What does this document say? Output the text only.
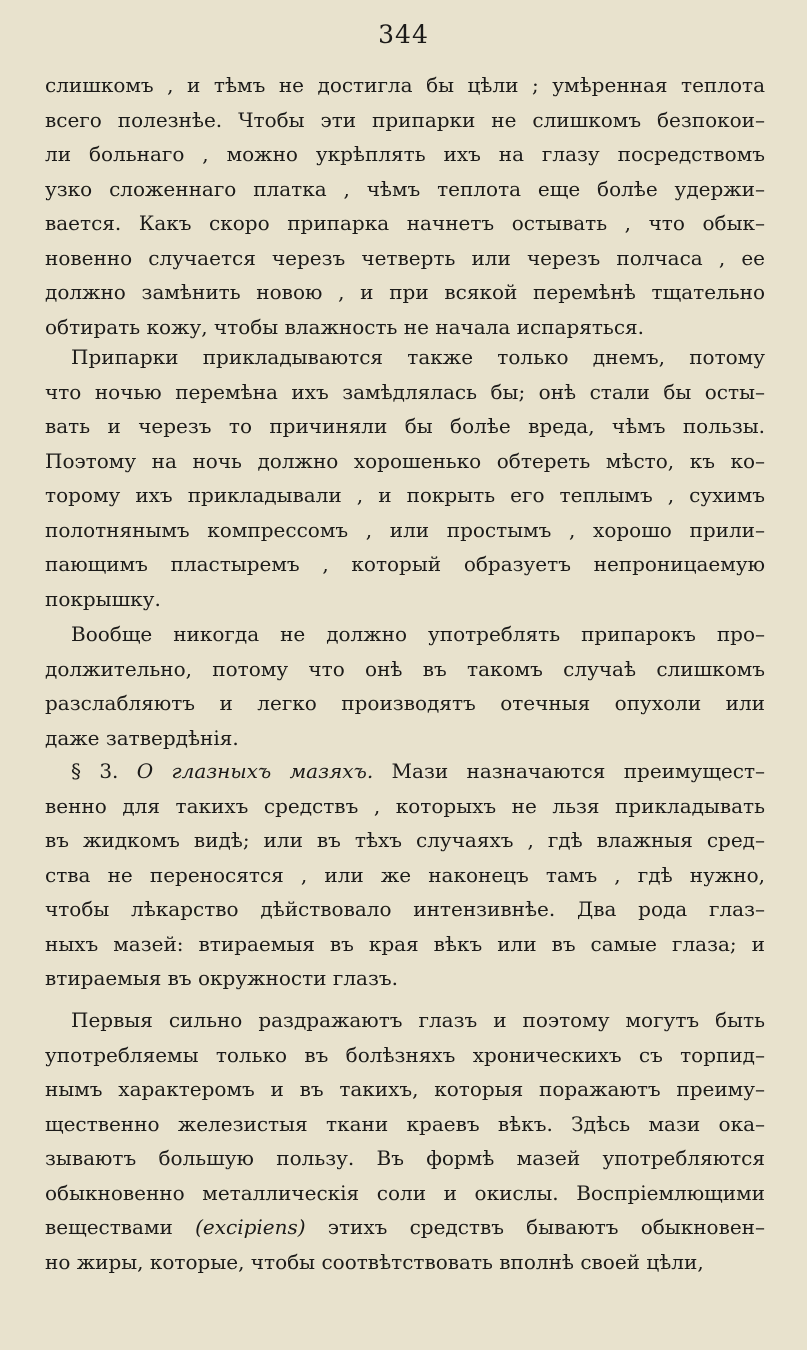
344
слишкомъ , и тѣмъ не достигла бы цѣли ; умѣренная теплота
всего полезнѣе. Чтобы эти припарки не слишкомъ безпокои–
ли больнаго , можно укрѣплять ихъ на глазу посредствомъ
узко сложеннаго платка , чѣмъ теплота еще болѣе удержи–
вается. Какъ скоро припарка начнетъ остывать , что обык–
новенно случается черезъ четверть или черезъ полчаса , ее
должно замѣнить новою , и при всякой перемѣнѣ тщательно
обтирать кожу, чтобы влажность не начала испаряться.
Припарки прикладываются также только днемъ, потому
что ночью перемѣна ихъ замѣдлялась бы; онѣ стали бы осты–
вать и черезъ то причиняли бы болѣе вреда, чѣмъ пользы.
Поэтому на ночь должно хорошенько обтереть мѣсто, къ ко–
торому ихъ прикладывали , и покрыть его теплымъ , сухимъ
полотнянымъ компрессомъ , или простымъ , хорошо прили–
пающимъ пластыремъ , который образуетъ непроницаемую
покрышку.
Вообще никогда не должно употреблять припарокъ про–
должительно, потому что онѣ въ такомъ случаѣ слишкомъ
разслабляютъ и легко производятъ отечныя опухоли или
даже затвердѣнія.
§ 3. О глазныхъ мазяхъ. Мази назначаются преимущест–
венно для такихъ средствъ , которыхъ не льзя прикладывать
въ жидкомъ видѣ; или въ тѣхъ случаяхъ , гдѣ влажныя сред–
ства не переносятся , или же наконецъ тамъ , гдѣ нужно,
чтобы лѣкарство дѣйствовало интензивнѣе. Два рода глаз–
ныхъ мазей: втираемыя въ края вѣкъ или въ самые глаза; и
втираемыя въ окружности глазъ.
Первыя сильно раздражаютъ глазъ и поэтому могутъ быть
употребляемы только въ болѣзняхъ хроническихъ съ торпид–
нымъ характеромъ и въ такихъ, которыя поражаютъ преиму–
щественно железистыя ткани краевъ вѣкъ. Здѣсь мази ока–
зываютъ большую пользу. Въ формѣ мазей употребляются
обыкновенно металлическія соли и окислы. Воспріемлющими
веществами (excipiens) этихъ средствъ бываютъ обыкновен–
но жиры, которые, чтобы соотвѣтствовать вполнѣ своей цѣли,
